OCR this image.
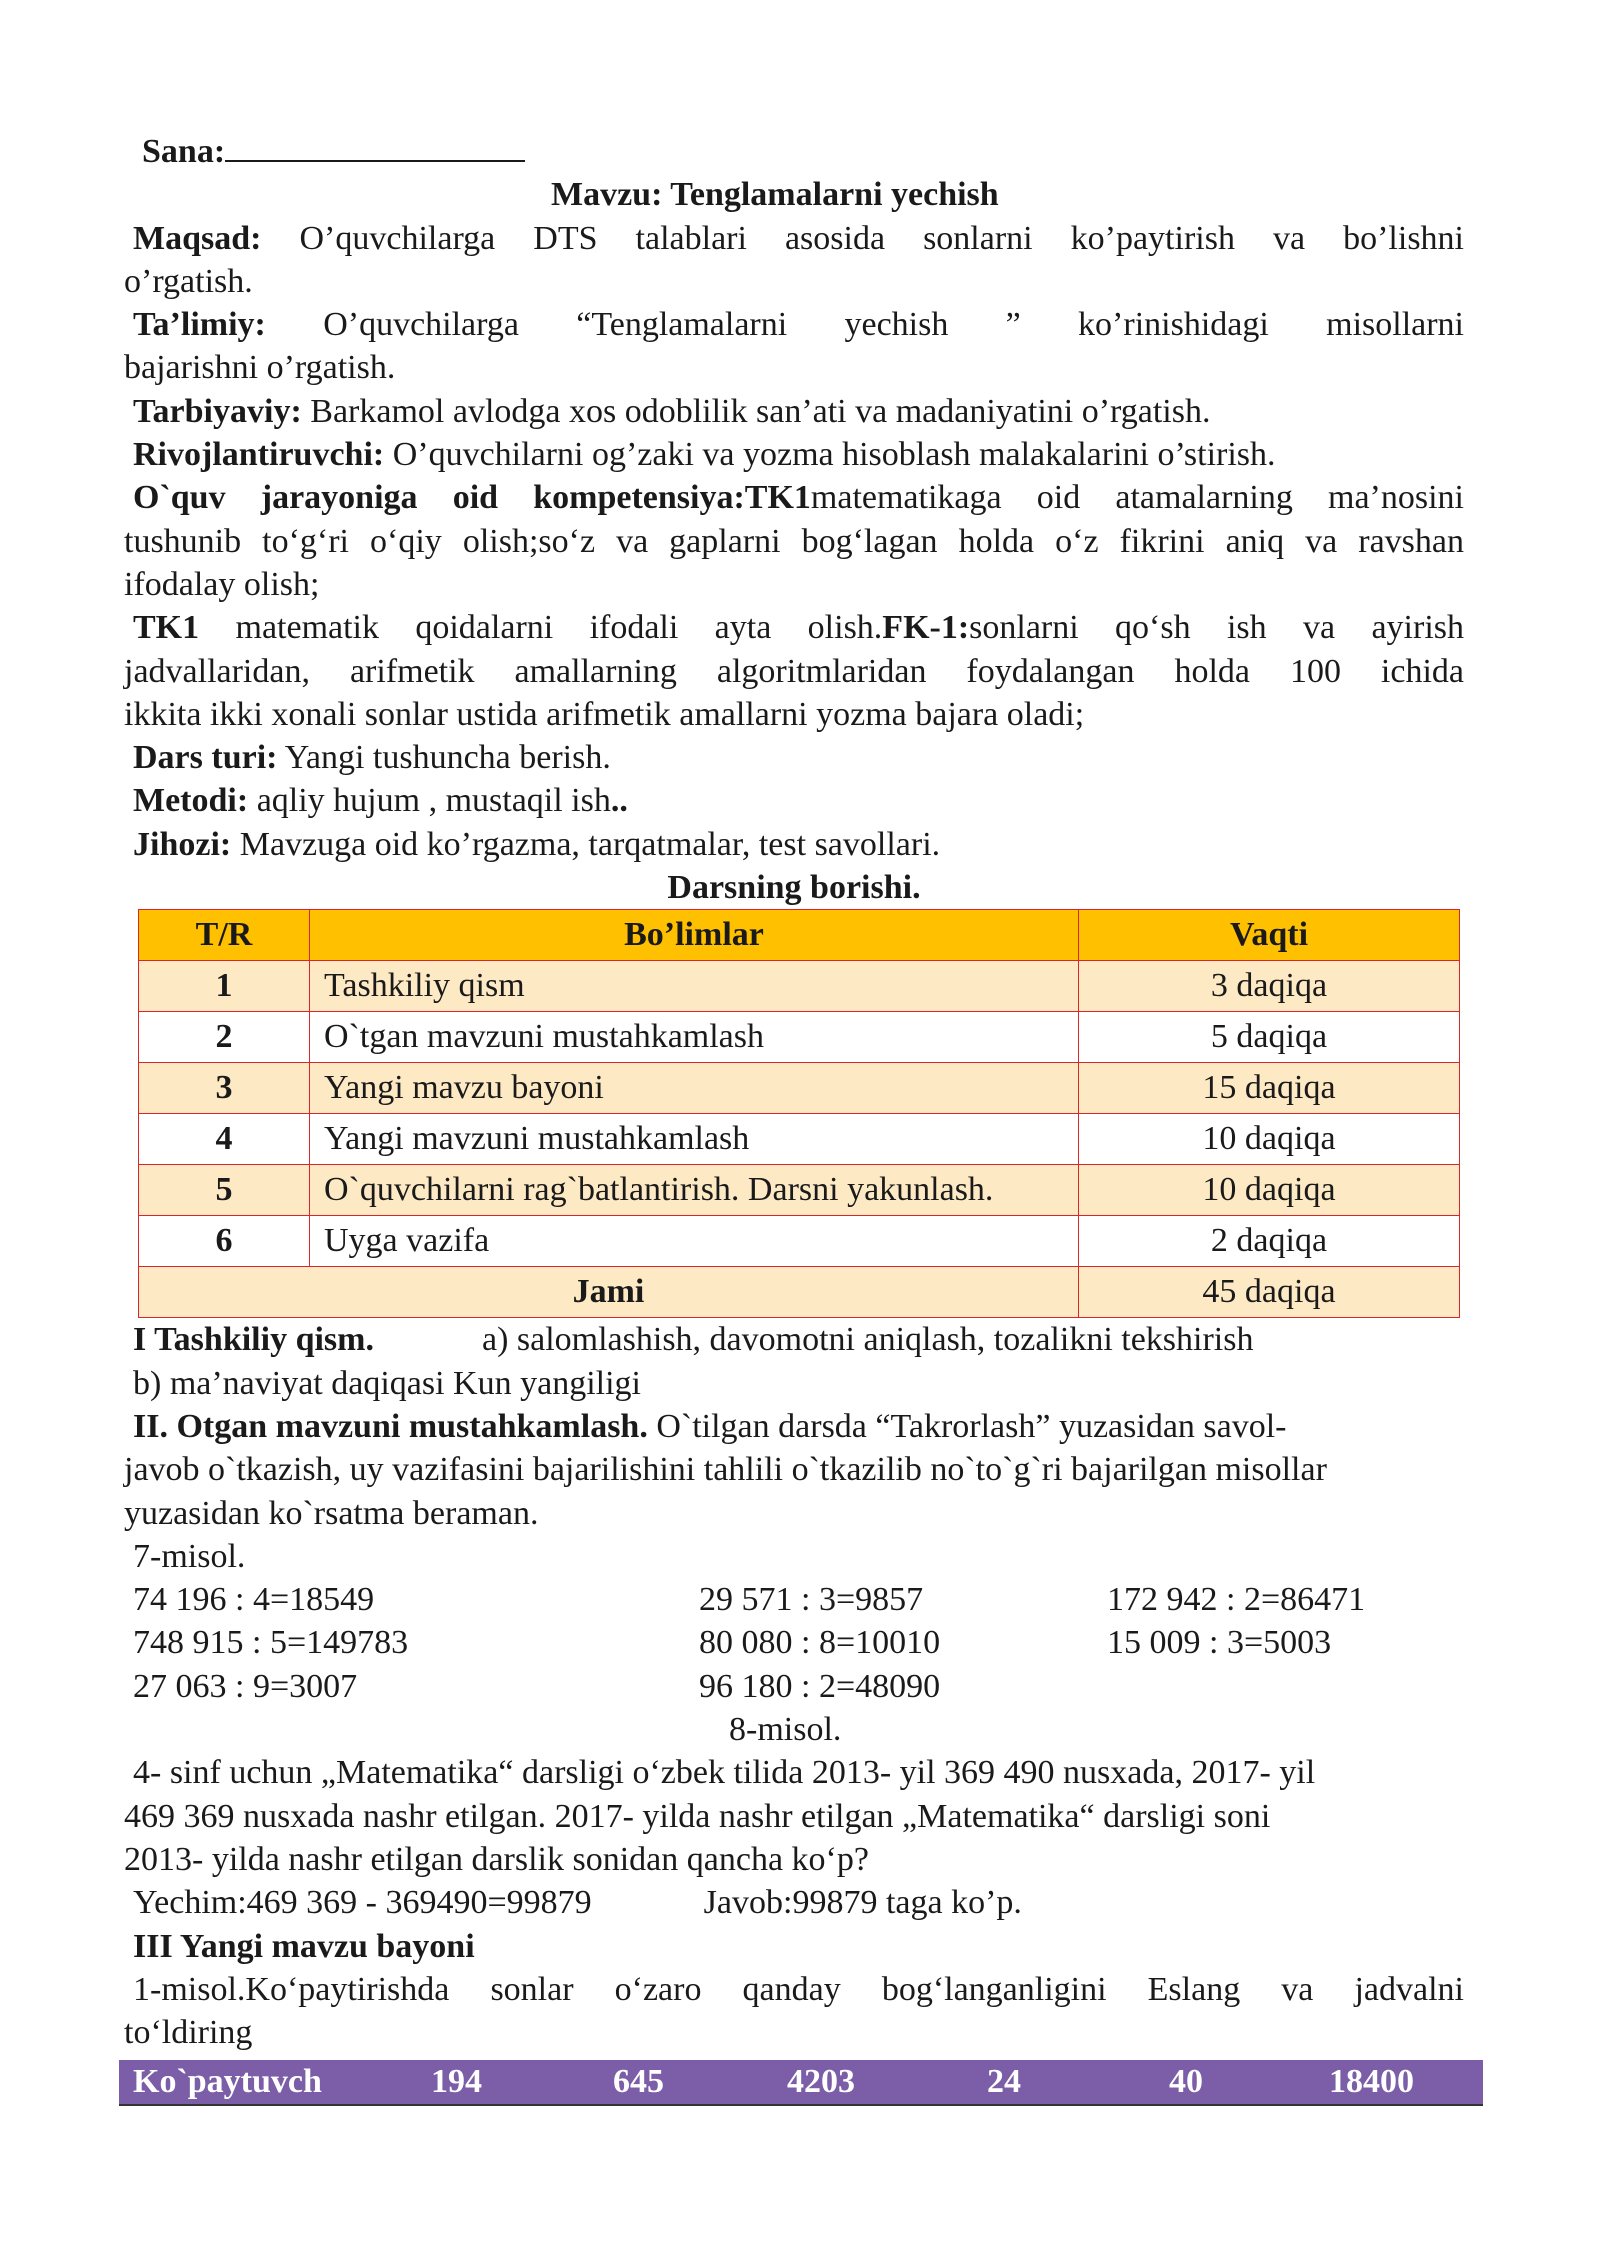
Sana:
Mavzu: Tenglamalarni yechish
Maqsad: O’quvchilarga DTS talablari asosida sonlarni ko’paytirish va bo’lishni
o’rgatish.
Ta’limiy: O’quvchilarga “Tenglamalarni yechish ” ko’rinishidagi misollarni
bajarishni o’rgatish.
Tarbiyaviy: Barkamol avlodga xos odoblilik san’ati va madaniyatini o’rgatish.
Rivojlantiruvchi: O’quvchilarni og’zaki va yozma hisoblash malakalarini o’stirish.
O`quv jarayoniga oid kompetensiya:TK1matematikaga oid atamalarning ma’nosini
tushunib to‘g‘ri o‘qiy olish;so‘z va gaplarni bog‘lagan holda o‘z fikrini aniq va ravshan
ifodalay olish;
TK1 matematik qoidalarni ifodali ayta olish.FK-1:sonlarni qo‘sh ish va ayirish
jadvallaridan, arifmetik amallarning algoritmlaridan foydalangan holda 100 ichida
ikkita ikki xonali sonlar ustida arifmetik amallarni yozma bajara oladi;
Dars turi: Yangi tushuncha berish.
Metodi: aqliy hujum , mustaqil ish..
Jihozi: Mavzuga oid ko’rgazma, tarqatmalar, test savollari.
Darsning borishi.
T/R	Bo’limlar	Vaqti
1	Tashkiliy qism	3 daqiqa
2	O`tgan mavzuni mustahkamlash	5 daqiqa
3	Yangi mavzu bayoni	15 daqiqa
4	Yangi mavzuni mustahkamlash	10 daqiqa
5	O`quvchilarni rag`batlantirish. Darsni yakunlash.	10 daqiqa
6	Uyga vazifa	2 daqiqa
Jami		45 daqiqa
I Tashkiliy qism.	a) salomlashish, davomotni aniqlash, tozalikni tekshirish
b) ma’naviyat daqiqasi Kun yangiligi
II. Otgan mavzuni mustahkamlash. O`tilgan darsda “Takrorlash” yuzasidan savol-
javob o`tkazish, uy vazifasini bajarilishini tahlili o`tkazilib no`to`g`ri bajarilgan misollar
yuzasidan ko`rsatma beraman.
7-misol.
74 196 : 4=18549	29 571 : 3=9857	172 942 : 2=86471
748 915 : 5=149783	80 080 : 8=10010	15 009 : 3=5003
27 063 : 9=3007	96 180 : 2=48090
8-misol.
4- sinf uchun „Matematika“ darsligi o‘zbek tilida 2013- yil 369 490 nusxada, 2017- yil
469 369 nusxada nashr etilgan. 2017- yilda nashr etilgan „Matematika“ darsligi soni
2013- yilda nashr etilgan darslik sonidan qancha ko‘p?
Yechim:469 369 - 369490=99879	Javob:99879 taga ko’p.
III Yangi mavzu bayoni
1-misol.Ko‘paytirishda sonlar o‘zaro qanday bog‘langanligini Eslang va jadvalni
to‘ldiring
Ko`paytuvch	194	645	4203	24	40	18400
